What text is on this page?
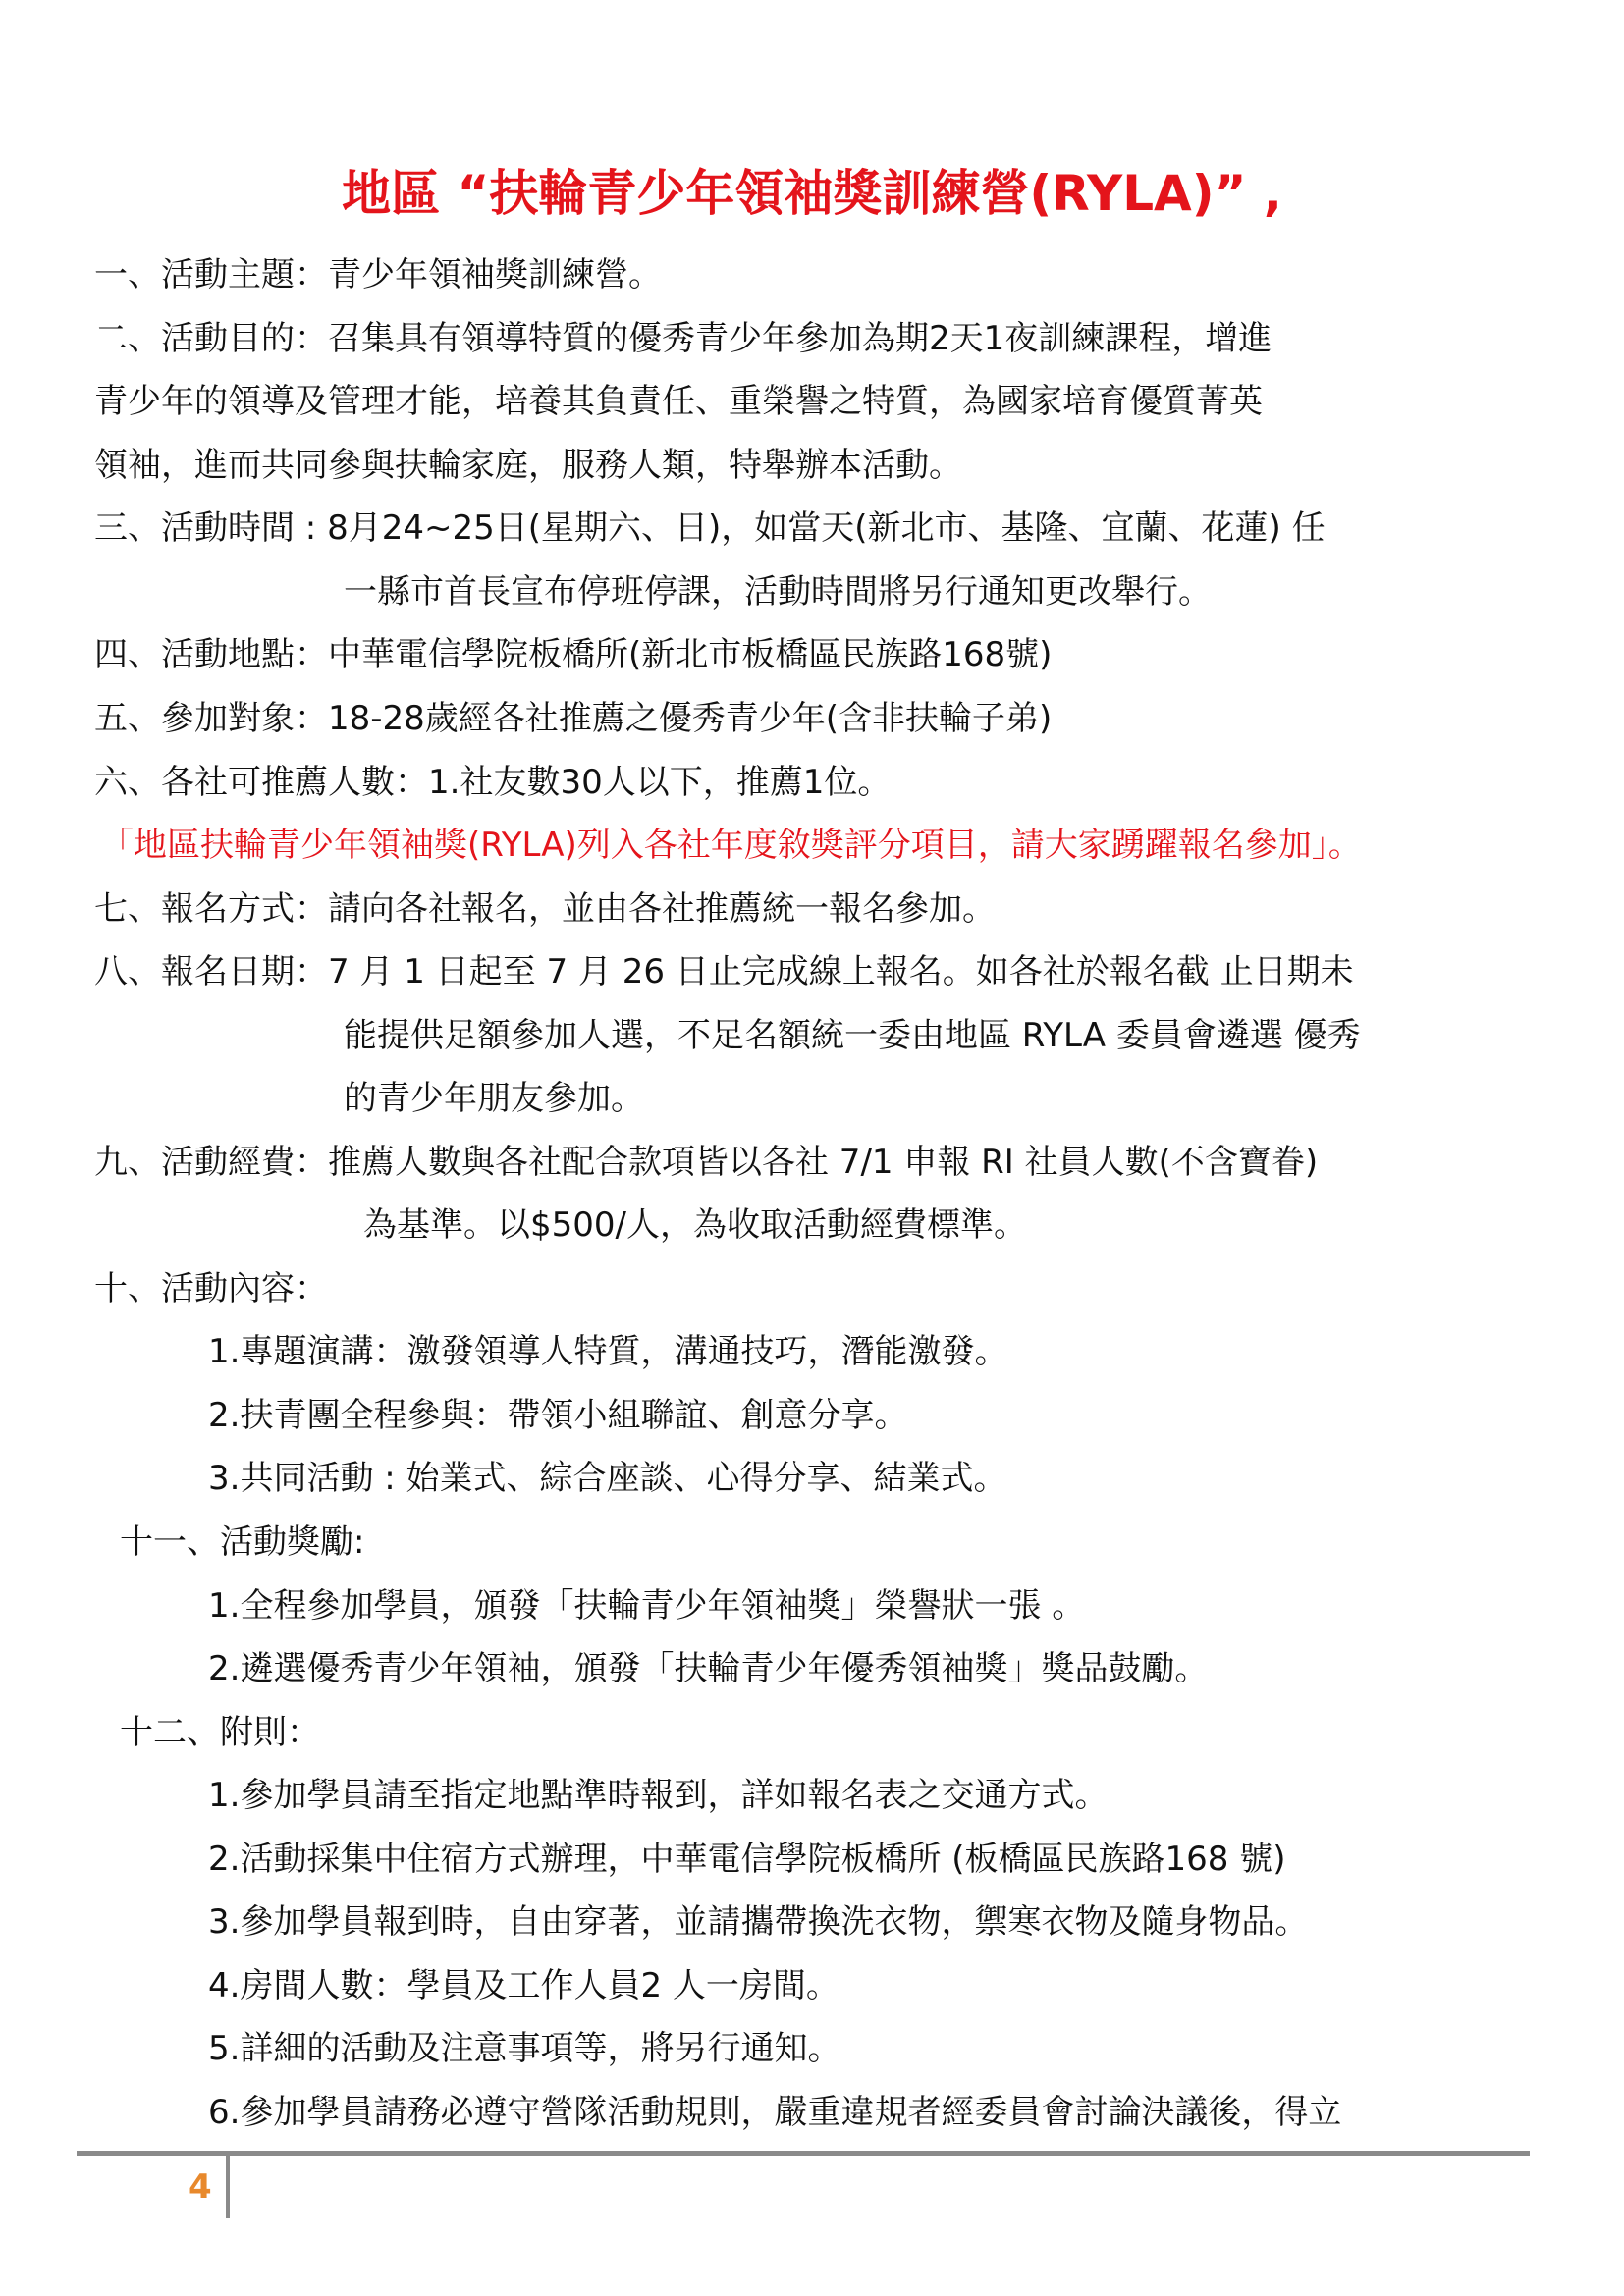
地區 “扶輪青少年領袖獎訓練營(RYLA)” ,
一、活動主題：青少年領袖獎訓練營。
二、活動目的：召集具有領導特質的優秀青少年參加為期2天1夜訓練課程，增進
青少年的領導及管理才能，培養其負責任、重榮譽之特質，為國家培育優質菁英
領袖，進而共同參與扶輪家庭，服務人類，特舉辦本活動。
三、活動時間 : 8月24~25日(星期六、日)，如當天(新北市、基隆、宜蘭、花蓮) 任
一縣市首長宣布停班停課，活動時間將另行通知更改舉行。
四、活動地點：中華電信學院板橋所(新北市板橋區民族路168號)
五、參加對象：18-28歲經各社推薦之優秀青少年(含非扶輪子弟)
六、各社可推薦人數：1.社友數30人以下，推薦1位。
「地區扶輪青少年領袖獎(RYLA)列入各社年度敘獎評分項目，請大家踴躍報名參加」。
七、報名方式：請向各社報名，並由各社推薦統一報名參加。
八、報名日期：7 月 1 日起至 7 月 26 日止完成線上報名。如各社於報名截 止日期未
能提供足額參加人選，不足名額統一委由地區 RYLA 委員會遴選 優秀
的青少年朋友參加。
九、活動經費：推薦人數與各社配合款項皆以各社 7/1 申報 RI 社員人數(不含寶眷)
為基準。以$500/人，為收取活動經費標準。
十、活動內容：
1.專題演講：激發領導人特質，溝通技巧，潛能激發。
2.扶青團全程參與：帶領小組聯誼、創意分享。
3.共同活動 : 始業式、綜合座談、心得分享、結業式。
十一、活動獎勵:
1.全程參加學員，頒發「扶輪青少年領袖獎」榮譽狀一張 。
2.遴選優秀青少年領袖，頒發「扶輪青少年優秀領袖獎」獎品鼓勵。
十二、附則：
1.參加學員請至指定地點準時報到，詳如報名表之交通方式。
2.活動採集中住宿方式辦理，中華電信學院板橋所 (板橋區民族路168 號)
3.參加學員報到時，自由穿著，並請攜帶換洗衣物，禦寒衣物及隨身物品。
4.房間人數：學員及工作人員2 人一房間。
5.詳細的活動及注意事項等，將另行通知。
6.參加學員請務必遵守營隊活動規則，嚴重違規者經委員會討論決議後，得立
4
